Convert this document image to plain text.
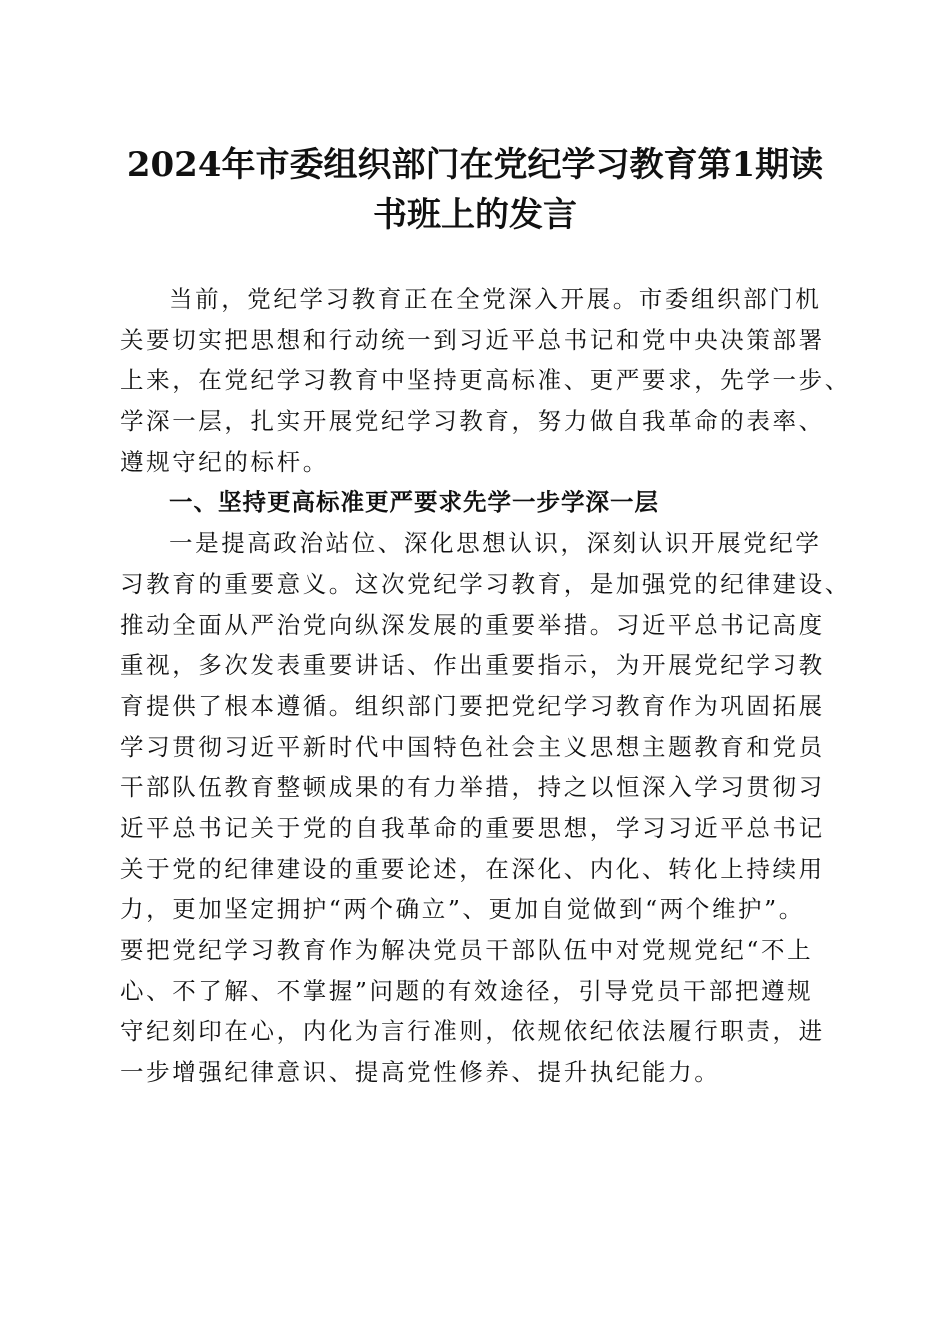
2024年市委组织部门在党纪学习教育第1期读
书班上的发言
当前，党纪学习教育正在全党深入开展。市委组织部门机
关要切实把思想和行动统一到习近平总书记和党中央决策部署
上来，在党纪学习教育中坚持更高标准、更严要求，先学一步、
学深一层，扎实开展党纪学习教育，努力做自我革命的表率、
遵规守纪的标杆。
一、坚持更高标准更严要求先学一步学深一层
一是提高政治站位、深化思想认识，深刻认识开展党纪学
习教育的重要意义。这次党纪学习教育，是加强党的纪律建设、
推动全面从严治党向纵深发展的重要举措。习近平总书记高度
重视，多次发表重要讲话、作出重要指示，为开展党纪学习教
育提供了根本遵循。组织部门要把党纪学习教育作为巩固拓展
学习贯彻习近平新时代中国特色社会主义思想主题教育和党员
干部队伍教育整顿成果的有力举措，持之以恒深入学习贯彻习
近平总书记关于党的自我革命的重要思想，学习习近平总书记
关于党的纪律建设的重要论述，在深化、内化、转化上持续用
力，更加坚定拥护“两个确立”、更加自觉做到“两个维护”。
要把党纪学习教育作为解决党员干部队伍中对党规党纪“不上
心、不了解、不掌握”问题的有效途径，引导党员干部把遵规
守纪刻印在心，内化为言行准则，依规依纪依法履行职责，进
一步增强纪律意识、提高党性修养、提升执纪能力。
